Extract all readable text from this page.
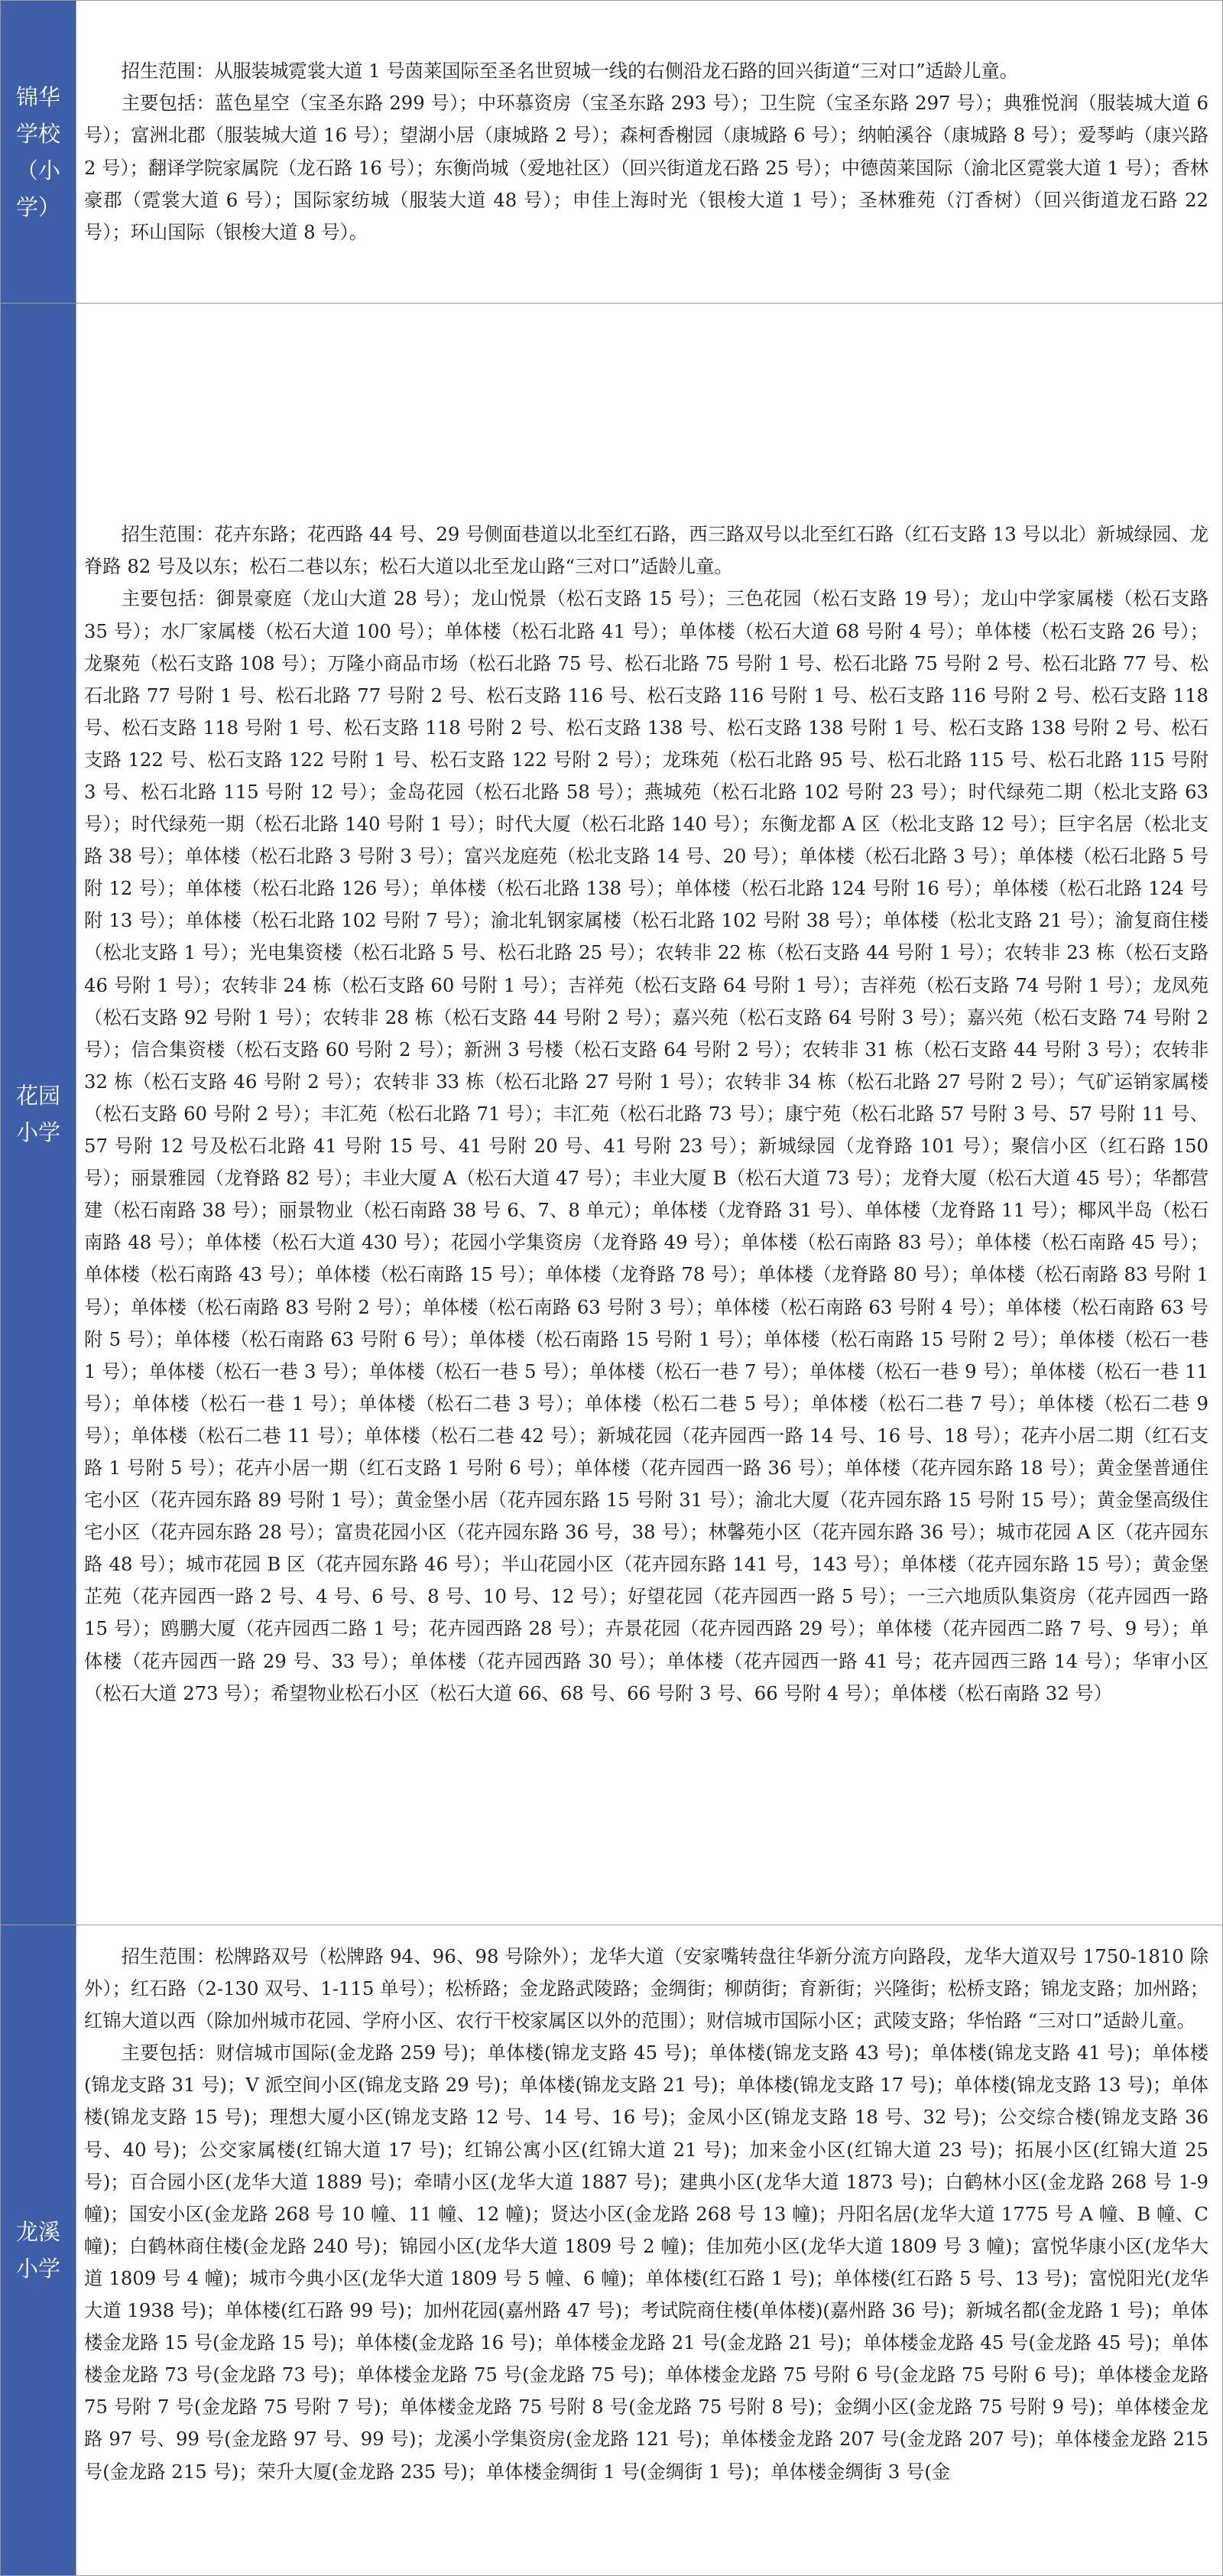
锦华学校（小学）	招生范围：从服装城霓裳大道 1 号茵莱国际至圣名世贸城一线的右侧沿龙石路的回兴街道“三对口”适龄儿童。

主要包括：蓝色星空（宝圣东路 299 号）；中环慕资房（宝圣东路 293 号）；卫生院（宝圣东路 297 号）；典雅悦润（服装城大道 6 号）；富洲北郡（服装城大道 16 号）；望湖小居（康城路 2 号）；森柯香榭园（康城路 6 号）；纳帕溪谷（康城路 8 号）；爱琴屿（康兴路 2 号）；翻译学院家属院（龙石路 16 号）；东衡尚城（爱地社区）（回兴街道龙石路 25 号）；中德茵莱国际（渝北区霓裳大道 1 号）；香林豪郡（霓裳大道 6 号）；国际家纺城（服装大道 48 号）；申佳上海时光（银梭大道 1 号）；圣林雅苑（汀香树）（回兴街道龙石路 22 号）；环山国际（银梭大道 8 号）。

花园小学	招生范围：花卉东路；花西路 44 号、29 号侧面巷道以北至红石路，西三路双号以北至红石路（红石支路 13 号以北）新城绿园、龙脊路 82 号及以东；松石二巷以东；松石大道以北至龙山路“三对口”适龄儿童。

主要包括：御景豪庭（龙山大道 28 号）；龙山悦景（松石支路 15 号）；三色花园（松石支路 19 号）；龙山中学家属楼（松石支路 35 号）；水厂家属楼（松石大道 100 号）；单体楼（松石北路 41 号）；单体楼（松石大道 68 号附 4 号）；单体楼（松石支路 26 号）；龙聚苑（松石支路 108 号）；万隆小商品市场（松石北路 75 号、松石北路 75 号附 1 号、松石北路 75 号附 2 号、松石北路 77 号、松石北路 77 号附 1 号、松石北路 77 号附 2 号、松石支路 116 号、松石支路 116 号附 1 号、松石支路 116 号附 2 号、松石支路 118 号、松石支路 118 号附 1 号、松石支路 118 号附 2 号、松石支路 138 号、松石支路 138 号附 1 号、松石支路 138 号附 2 号、松石支路 122 号、松石支路 122 号附 1 号、松石支路 122 号附 2 号）；龙珠苑（松石北路 95 号、松石北路 115 号、松石北路 115 号附 3 号、松石北路 115 号附 12 号）；金岛花园（松石北路 58 号）；燕城苑（松石北路 102 号附 23 号）；时代绿苑二期（松北支路 63 号）；时代绿苑一期（松石北路 140 号附 1 号）；时代大厦（松石北路 140 号）；东衡龙都 A 区（松北支路 12 号）；巨宇名居（松北支路 38 号）；单体楼（松石北路 3 号附 3 号）；富兴龙庭苑（松北支路 14 号、20 号）；单体楼（松石北路 3 号）；单体楼（松石北路 5 号附 12 号）；单体楼（松石北路 126 号）；单体楼（松石北路 138 号）；单体楼（松石北路 124 号附 16 号）；单体楼（松石北路 124 号附 13 号）；单体楼（松石北路 102 号附 7 号）；渝北轧钢家属楼（松石北路 102 号附 38 号）；单体楼（松北支路 21 号）；渝复商住楼（松北支路 1 号）；光电集资楼（松石北路 5 号、松石北路 25 号）；农转非 22 栋（松石支路 44 号附 1 号）；农转非 23 栋（松石支路 46 号附 1 号）；农转非 24 栋（松石支路 60 号附 1 号）；吉祥苑（松石支路 64 号附 1 号）；吉祥苑（松石支路 74 号附 1 号）；龙凤苑（松石支路 92 号附 1 号）；农转非 28 栋（松石支路 44 号附 2 号）；嘉兴苑（松石支路 64 号附 3 号）；嘉兴苑（松石支路 74 号附 2 号）；信合集资楼（松石支路 60 号附 2 号）；新洲 3 号楼（松石支路 64 号附 2 号）；农转非 31 栋（松石支路 44 号附 3 号）；农转非 32 栋（松石支路 46 号附 2 号）；农转非 33 栋（松石北路 27 号附 1 号）；农转非 34 栋（松石北路 27 号附 2 号）；气矿运销家属楼（松石支路 60 号附 2 号）；丰汇苑（松石北路 71 号）；丰汇苑（松石北路 73 号）；康宁苑（松石北路 57 号附 3 号、57 号附 11 号、57 号附 12 号及松石北路 41 号附 15 号、41 号附 20 号、41 号附 23 号）；新城绿园（龙脊路 101 号）；聚信小区（红石路 150 号）；丽景雅园（龙脊路 82 号）；丰业大厦 A（松石大道 47 号）；丰业大厦 B（松石大道 73 号）；龙脊大厦（松石大道 45 号）；华都营建（松石南路 38 号）；丽景物业（松石南路 38 号 6、7、8 单元）；单体楼（龙脊路 31 号）、单体楼（龙脊路 11 号）；椰风半岛（松石南路 48 号）；单体楼（松石大道 430 号）；花园小学集资房（龙脊路 49 号）；单体楼（松石南路 83 号）；单体楼（松石南路 45 号）；单体楼（松石南路 43 号）；单体楼（松石南路 15 号）；单体楼（龙脊路 78 号）；单体楼（龙脊路 80 号）；单体楼（松石南路 83 号附 1 号）；单体楼（松石南路 83 号附 2 号）；单体楼（松石南路 63 号附 3 号）；单体楼（松石南路 63 号附 4 号）；单体楼（松石南路 63 号附 5 号）；单体楼（松石南路 63 号附 6 号）；单体楼（松石南路 15 号附 1 号）；单体楼（松石南路 15 号附 2 号）；单体楼（松石一巷 1 号）；单体楼（松石一巷 3 号）；单体楼（松石一巷 5 号）；单体楼（松石一巷 7 号）；单体楼（松石一巷 9 号）；单体楼（松石一巷 11 号）；单体楼（松石一巷 1 号）；单体楼（松石二巷 3 号）；单体楼（松石二巷 5 号）；单体楼（松石二巷 7 号）；单体楼（松石二巷 9 号）；单体楼（松石二巷 11 号）；单体楼（松石二巷 42 号）；新城花园（花卉园西一路 14 号、16 号、18 号）；花卉小居二期（红石支路 1 号附 5 号）；花卉小居一期（红石支路 1 号附 6 号）；单体楼（花卉园西一路 36 号）；单体楼（花卉园东路 18 号）；黄金堡普通住宅小区（花卉园东路 89 号附 1 号）；黄金堡小居（花卉园东路 15 号附 31 号）；渝北大厦（花卉园东路 15 号附 15 号）；黄金堡高级住宅小区（花卉园东路 28 号）；富贵花园小区（花卉园东路 36 号，38 号）；林馨苑小区（花卉园东路 36 号）；城市花园 A 区（花卉园东路 48 号）；城市花园 B 区（花卉园东路 46 号）；半山花园小区（花卉园东路 141 号，143 号）；单体楼（花卉园东路 15 号）；黄金堡芷苑（花卉园西一路 2 号、4 号、6 号、8 号、10 号、12 号）；好望花园（花卉园西一路 5 号）；一三六地质队集资房（花卉园西一路 15 号）；鸥鹏大厦（花卉园西二路 1 号；花卉园西路 28 号）；卉景花园（花卉园西路 29 号）；单体楼（花卉园西二路 7 号、9 号）；单体楼（花卉园西一路 29 号、33 号）；单体楼（花卉园西路 30 号）；单体楼（花卉园西一路 41 号；花卉园西三路 14 号）；华审小区（松石大道 273 号）；希望物业松石小区（松石大道 66、68 号、66 号附 3 号、66 号附 4 号）；单体楼（松石南路 32 号）

龙溪小学	招生范围：松牌路双号（松牌路 94、96、98 号除外）；龙华大道（安家嘴转盘往华新分流方向路段，龙华大道双号 1750-1810 除外）；红石路（2-130 双号、1-115 单号）；松桥路；金龙路武陵路；金绸街；柳荫街；育新街；兴隆街；松桥支路；锦龙支路；加州路；红锦大道以西（除加州城市花园、学府小区、农行干校家属区以外的范围）；财信城市国际小区；武陵支路；华怡路 “三对口”适龄儿童。

主要包括：财信城市国际(金龙路 259 号)；单体楼(锦龙支路 45 号)；单体楼(锦龙支路 43 号)；单体楼(锦龙支路 41 号)；单体楼(锦龙支路 31 号)；V 派空间小区(锦龙支路 29 号)；单体楼(锦龙支路 21 号)；单体楼(锦龙支路 17 号)；单体楼(锦龙支路 13 号)；单体楼(锦龙支路 15 号)；理想大厦小区(锦龙支路 12 号、14 号、16 号)；金凤小区(锦龙支路 18 号、32 号)；公交综合楼(锦龙支路 36 号、40 号)；公交家属楼(红锦大道 17 号)；红锦公寓小区(红锦大道 21 号)；加来金小区(红锦大道 23 号)；拓展小区(红锦大道 25 号)；百合园小区(龙华大道 1889 号)；牵晴小区(龙华大道 1887 号)；建典小区(龙华大道 1873 号)；白鹤林小区(金龙路 268 号 1-9 幢)；国安小区(金龙路 268 号 10 幢、11 幢、12 幢)；贤达小区(金龙路 268 号 13 幢)；丹阳名居(龙华大道 1775 号 A 幢、B 幢、C 幢)；白鹤林商住楼(金龙路 240 号)；锦园小区(龙华大道 1809 号 2 幢)；佳加苑小区(龙华大道 1809 号 3 幢)；富悦华康小区(龙华大道 1809 号 4 幢)；城市今典小区(龙华大道 1809 号 5 幢、6 幢)；单体楼(红石路 1 号)；单体楼(红石路 5 号、13 号)；富悦阳光(龙华大道 1938 号)；单体楼(红石路 99 号)；加州花园(嘉州路 47 号)；考试院商住楼(单体楼)(嘉州路 36 号)；新城名都(金龙路 1 号)；单体楼金龙路 15 号(金龙路 15 号)；单体楼(金龙路 16 号)；单体楼金龙路 21 号(金龙路 21 号)；单体楼金龙路 45 号(金龙路 45 号)；单体楼金龙路 73 号(金龙路 73 号)；单体楼金龙路 75 号(金龙路 75 号)；单体楼金龙路 75 号附 6 号(金龙路 75 号附 6 号)；单体楼金龙路 75 号附 7 号(金龙路 75 号附 7 号)；单体楼金龙路 75 号附 8 号(金龙路 75 号附 8 号)；金绸小区(金龙路 75 号附 9 号)；单体楼金龙路 97 号、99 号(金龙路 97 号、99 号)；龙溪小学集资房(金龙路 121 号)；单体楼金龙路 207 号(金龙路 207 号)；单体楼金龙路 215 号(金龙路 215 号)；荣升大厦(金龙路 235 号)；单体楼金绸街 1 号(金绸街 1 号)；单体楼金绸街 3 号(金
